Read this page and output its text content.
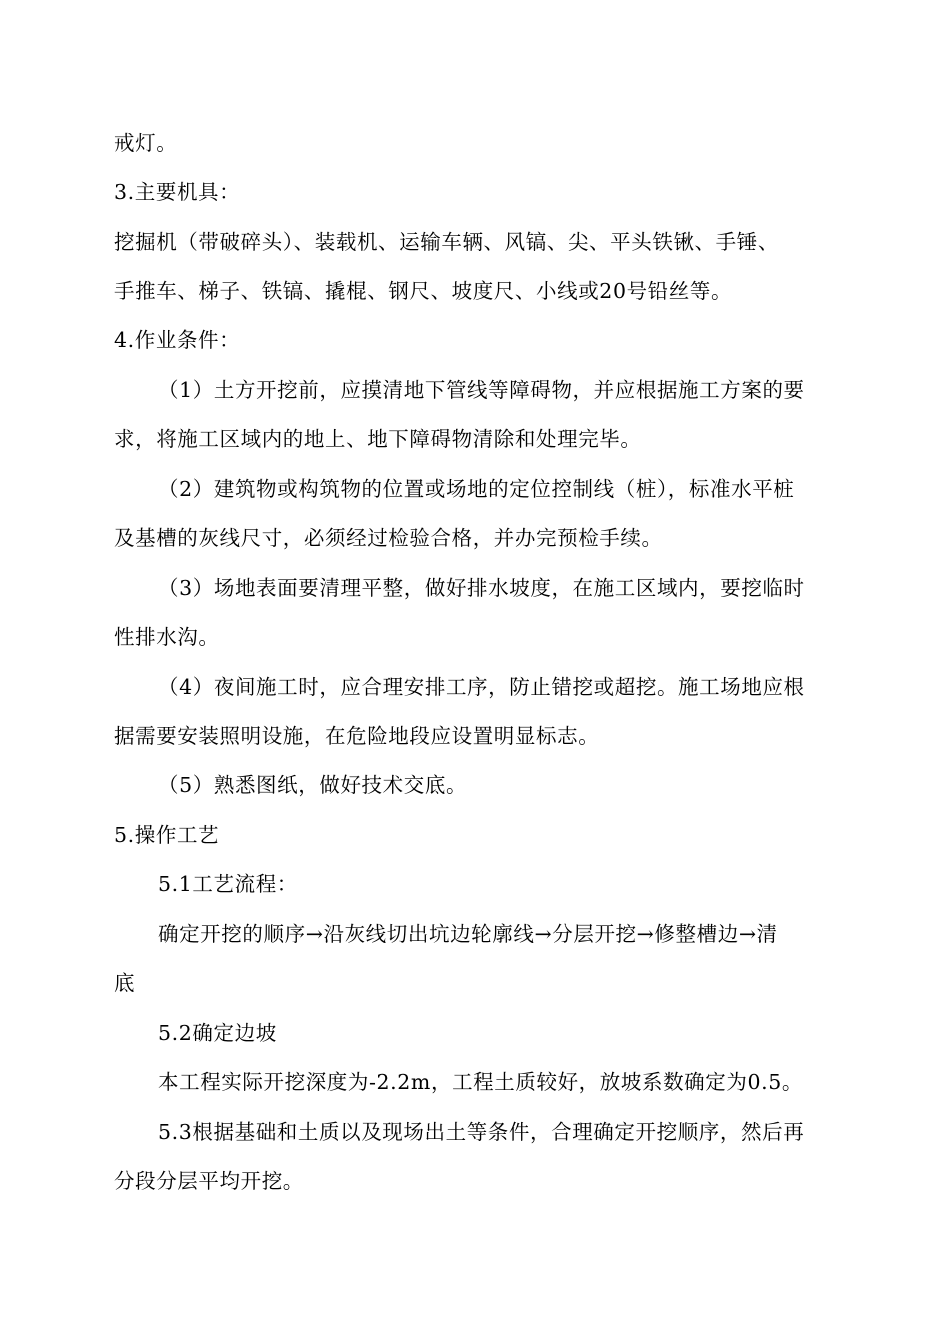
戒灯。
3.主要机具：
挖掘机（带破碎头）、装载机、运输车辆、风镐、尖、平头铁锹、手锤、
手推车、梯子、铁镐、撬棍、钢尺、坡度尺、小线或20号铅丝等。
4.作业条件：
（1）土方开挖前，应摸清地下管线等障碍物，并应根据施工方案的要
求，将施工区域内的地上、地下障碍物清除和处理完毕。
（2）建筑物或构筑物的位置或场地的定位控制线（桩），标准水平桩
及基槽的灰线尺寸，必须经过检验合格，并办完预检手续。
（3）场地表面要清理平整，做好排水坡度，在施工区域内，要挖临时
性排水沟。
（4）夜间施工时，应合理安排工序，防止错挖或超挖。施工场地应根
据需要安装照明设施，在危险地段应设置明显标志。
（5）熟悉图纸，做好技术交底。
5.操作工艺
5.1工艺流程：
确定开挖的顺序→沿灰线切出坑边轮廓线→分层开挖→修整槽边→清
底
5.2确定边坡
本工程实际开挖深度为-2.2m，工程土质较好，放坡系数确定为0.5。
5.3根据基础和土质以及现场出土等条件，合理确定开挖顺序，然后再
分段分层平均开挖。
